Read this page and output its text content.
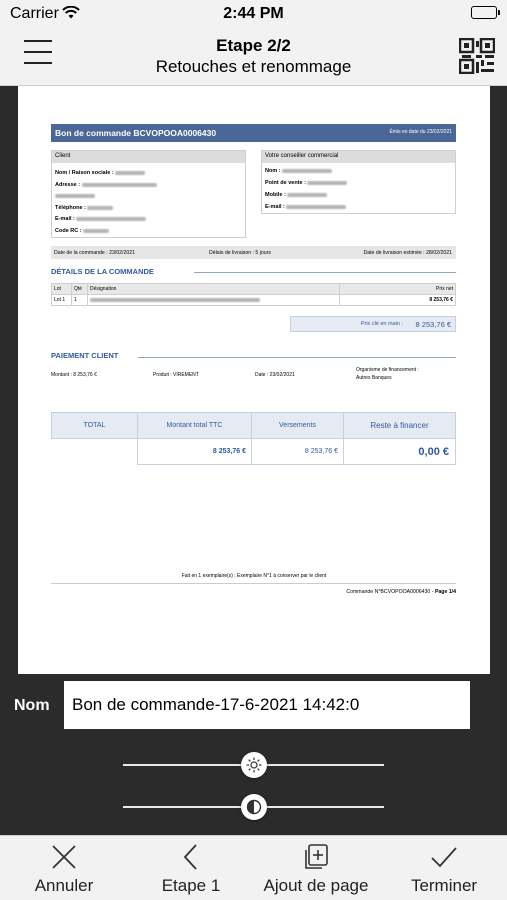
Carrier	2:44 PM
Etape 2/2
Retouches et renommage
Bon de commande BCVOPOOA0006430	Émis en date du 23/02/2021
Client
Nom / Raison sociale :
Adresse :
Téléphone :
E-mail :
Code RC :
Votre conseiller commercial
Nom :
Point de vente :
Mobile :
E-mail :
Date de la commande : 23/02/2021	Délais de livraison : 5 jours	Date de livraison estimée : 28/02/2021
DÉTAILS DE LA COMMANDE
Lot	Qté	Désignation	Prix net
Lot 1	1		8 253,76 €
Prix clé en main : 8 253,76 €
PAIEMENT CLIENT
Montant : 8 253,76 €	Produit : VIREMENT	Date : 23/02/2021
Organisme de financement :
Autres Banques
TOTAL	Montant total TTC	Versements	Reste à financer
	8 253,76 €	8 253,76 €	0,00 €
Fait en 1 exemplaire(s) : Exemplaire N°1 à conserver par le client
Commande N°BCVOPOOA0006430 - Page 1/4
Nom
Bon de commande-17-6-2021 14:42:0
Annuler	Etape 1	Ajout de page	Terminer
